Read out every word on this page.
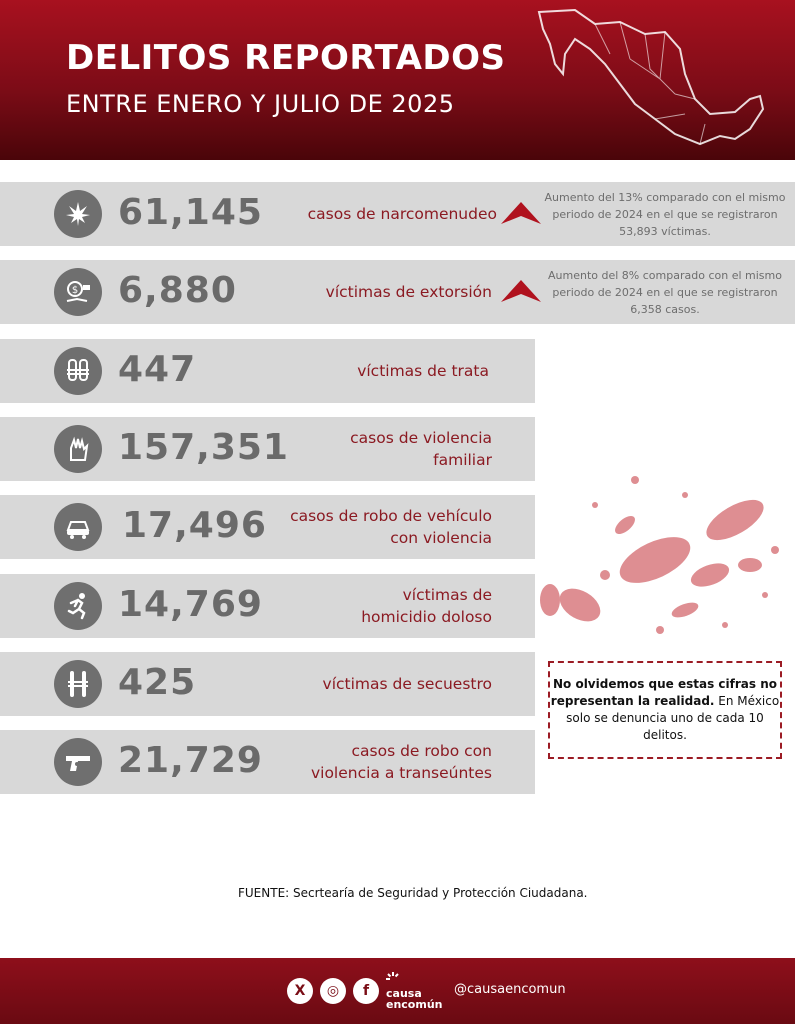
DELITOS REPORTADOS
ENTRE ENERO Y JULIO DE 2025
61,145	casos de narcomenudeo
Aumento del 13% comparado con el mismo periodo de 2024 en el que se registraron 53,893 víctimas.
$ 6,880	víctimas de extorsión
Aumento del 8% comparado con el mismo periodo de 2024 en el que se registraron 6,358 casos.
447	víctimas de trata
157,351	casos de violencia
familiar
17,496 casos de robo de vehículo
con violencia
14,769	víctimas de
homicidio doloso
425	víctimas de secuestro
21,729	casos de robo con
violencia a transeúntes
No olvidemos que estas cifras no representan la realidad. En México solo se denuncia uno de cada 10 delitos.
FUENTE: Secrtearía de Seguridad y Protección Ciudadana.
X	◎	f	causa
encomún
@causaencomun
